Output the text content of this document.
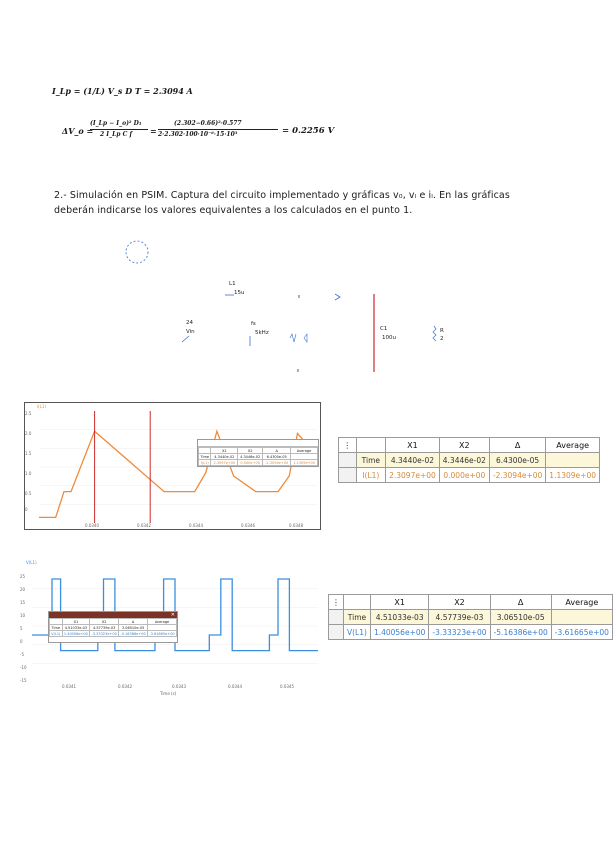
I_Lp = (1/L) V_s D T = 2.3094 A
ΔV_o =
(I_Lp − I_o)² D₁
2 I_Lp C f =
(2.302−0.66)²·0.577
2·2.302·100·10⁻⁶·15·10³	= 0.2256 V
2.- Simulación en PSIM. Captura del circuito implementado y gráficas v₀, vₗ e iₗ. En las gráficas
deberán indicarse los valores equivalentes a los calculados en el punto 1.
L1
15u
24
Vin
fs
5kHz
C1
100u
R
2
I(L1)
2.5
2.0
1.5
1.0
0.5
0
0.0340	0.0342	0.0344	0.0346	0.0348
	X1	X2	Δ	Average
Time	4.3440e-02	4.3446e-02	6.4300e-05	
I(L1)	2.3097e+00	0.000e+00	-2.3094e+00	1.1309e+00
⋮		X1	X2	Δ	Average
	Time	4.3440e-02	4.3446e-02	6.4300e-05	
	I(L1)	2.3097e+00	0.000e+00	-2.3094e+00	1.1309e+00
V(L1)
25
20
15
10
5
0
-5
-10
-15
0.0341	0.0342	0.0343	0.0344	0.0345
Time (s)
✕
	X1	X2	Δ	Average
Time	4.51033e-03	4.57739e-03	3.06510e-05	
V(L1)	1.40056e+00	-3.33323e+00	-5.16386e+00	-3.61665e+00
⋮		X1	X2	Δ	Average
	Time	4.51033e-03	4.57739e-03	3.06510e-05	
	V(L1)	1.40056e+00	-3.33323e+00	-5.16386e+00	-3.61665e+00
